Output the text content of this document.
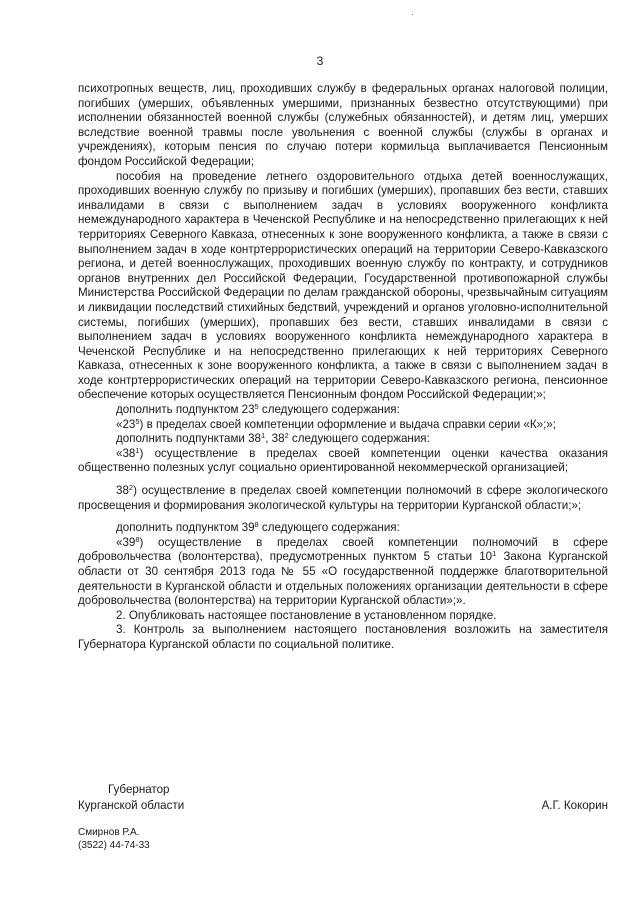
3

психотропных веществ, лиц, проходивших службу в федеральных органах налоговой полиции, погибших (умерших, объявленных умершими, признанных безвестно отсутствующими) при исполнении обязанностей военной службы (служебных обязанностей), и детям лиц, умерших вследствие военной травмы после увольнения с военной службы (службы в органах и учреждениях), которым пенсия по случаю потери кормильца выплачивается Пенсионным фондом Российской Федерации;

пособия на проведение летнего оздоровительного отдыха детей военнослужащих, проходивших военную службу по призыву и погибших (умерших), пропавших без вести, ставших инвалидами в связи с выполнением задач в условиях вооруженного конфликта немеждународного характера в Чеченской Республике и на непосредственно прилегающих к ней территориях Северного Кавказа, отнесенных к зоне вооруженного конфликта, а также в связи с выполнением задач в ходе контртеррористических операций на территории Северо-Кавказского региона, и детей военнослужащих, проходивших военную службу по контракту, и сотрудников органов внутренних дел Российской Федерации, Государственной противопожарной службы Министерства Российской Федерации по делам гражданской обороны, чрезвычайным ситуациям и ликвидации последствий стихийных бедствий, учреждений и органов уголовно-исполнительной системы, погибших (умерших), пропавших без вести, ставших инвалидами в связи с выполнением задач в условиях вооруженного конфликта немеждународного характера в Чеченской Республике и на непосредственно прилегающих к ней территориях Северного Кавказа, отнесенных к зоне вооруженного конфликта, а также в связи с выполнением задач в ходе контртеррористических операций на территории Северо-Кавказского региона, пенсионное обеспечение которых осуществляется Пенсионным фондом Российской Федерации;»;

дополнить подпунктом $23^5$ следующего содержания:

«$23^5$) в пределах своей компетенции оформление и выдача справки серии «К»;»;

дополнить подпунктами $38^1$, $38^2$ следующего содержания:

«$38^1$) осуществление в пределах своей компетенции оценки качества оказания общественно полезных услуг социально ориентированной некоммерческой организацией;

$38^2$) осуществление в пределах своей компетенции полномочий в сфере экологического просвещения и формирования экологической культуры на территории Курганской области;»;

дополнить подпунктом $39^8$ следующего содержания:

«$39^8$) осуществление в пределах своей компетенции полномочий в сфере добровольчества (волонтерства), предусмотренных пунктом 5 статьи $10^1$ Закона Курганской области от 30 сентября 2013 года № 55 «О государственной поддержке благотворительной деятельности в Курганской области и отдельных положениях организации деятельности в сфере добровольчества (волонтерства) на территории Курганской области»;».

2. Опубликовать настоящее постановление в установленном порядке.

3. Контроль за выполнением настоящего постановления возложить на заместителя Губернатора Курганской области по социальной политике.

Губернатор
Курганской области	А.Г. Кокорин
Смирнов Р.А.
(3522) 44-74-33
